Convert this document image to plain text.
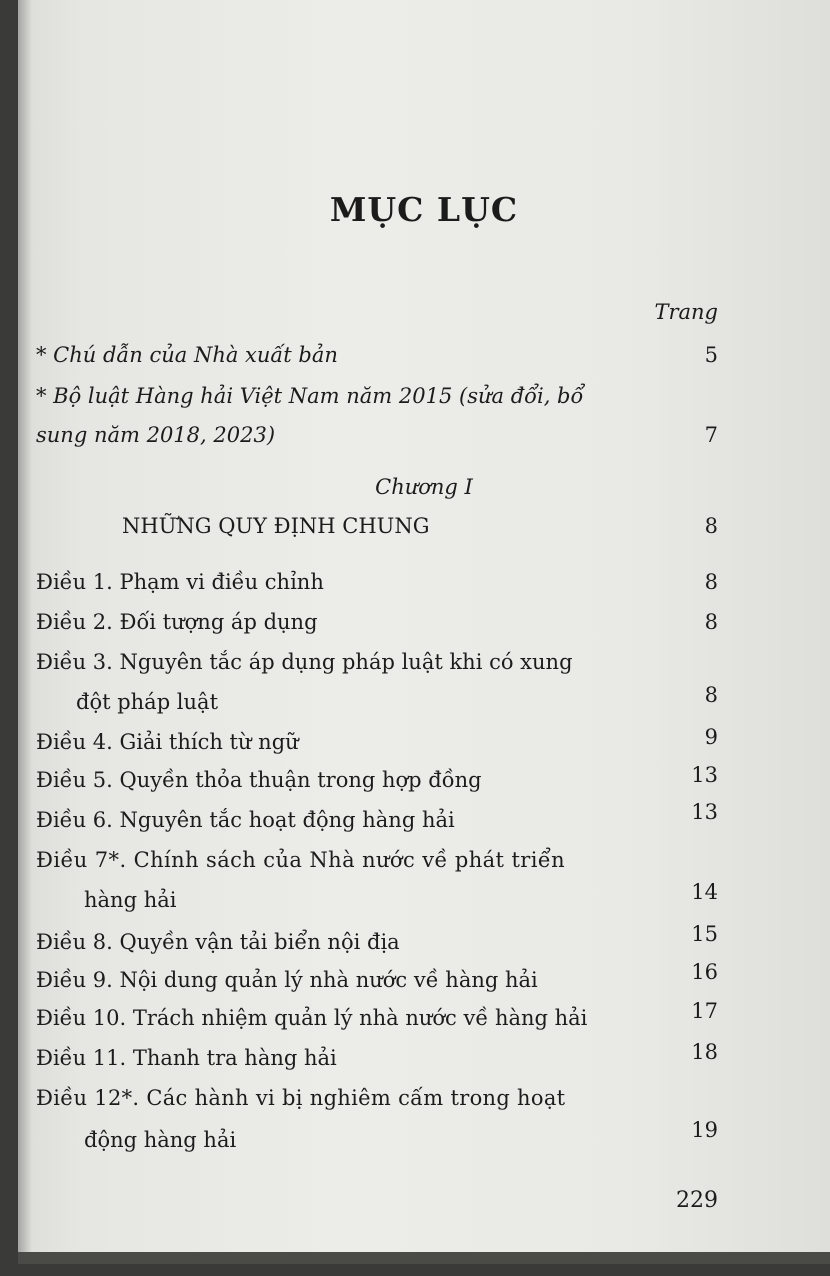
MỤC LỤC
Trang
* Chú dẫn của Nhà xuất bản	5
* Bộ luật Hàng hải Việt Nam năm 2015 (sửa đổi, bổ
sung năm 2018, 2023)	7
Chương I
NHỮNG QUY ĐỊNH CHUNG	8
Điều 1. Phạm vi điều chỉnh	8
Điều 2. Đối tượng áp dụng	8
Điều 3. Nguyên tắc áp dụng pháp luật khi có xung
đột pháp luật	8
Điều 4. Giải thích từ ngữ	9
Điều 5. Quyền thỏa thuận trong hợp đồng	13
Điều 6. Nguyên tắc hoạt động hàng hải	13
Điều 7*. Chính sách của Nhà nước về phát triển
hàng hải	14
Điều 8. Quyền vận tải biển nội địa	15
Điều 9. Nội dung quản lý nhà nước về hàng hải	16
Điều 10. Trách nhiệm quản lý nhà nước về hàng hải	17
Điều 11. Thanh tra hàng hải	18
Điều 12*. Các hành vi bị nghiêm cấm trong hoạt
động hàng hải	19
229
